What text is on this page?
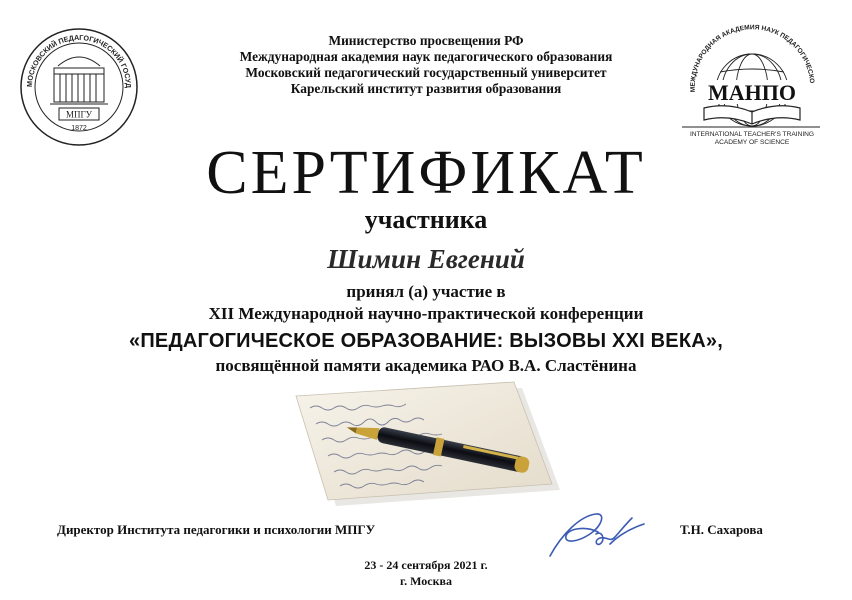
Министерство просвещения РФ
Международная академия наук педагогического образования
Московский педагогический государственный университет
Карельский институт развития образования
МОСКОВСКИЙ ПЕДАГОГИЧЕСКИЙ ГОСУД
МПГУ
1872
МЕЖДУНАРОДНАЯ АКАДЕМИЯ НАУК ПЕДАГОГИЧЕСКО
МАНПО
INTERNATIONAL TEACHER'S TRAINING
ACADEMY OF SCIENCE
СЕРТИФИКАТ
участника
Шимин Евгений
принял (а) участие в
XII Международной научно-практической конференции
«ПЕДАГОГИЧЕСКОЕ ОБРАЗОВАНИЕ: ВЫЗОВЫ XXI ВЕКА»,
посвящённой памяти академика РАО В.А. Сластёнина
Директор Института педагогики и психологии МПГУ	Т.Н. Сахарова
23 - 24 сентября 2021 г.
г. Москва
